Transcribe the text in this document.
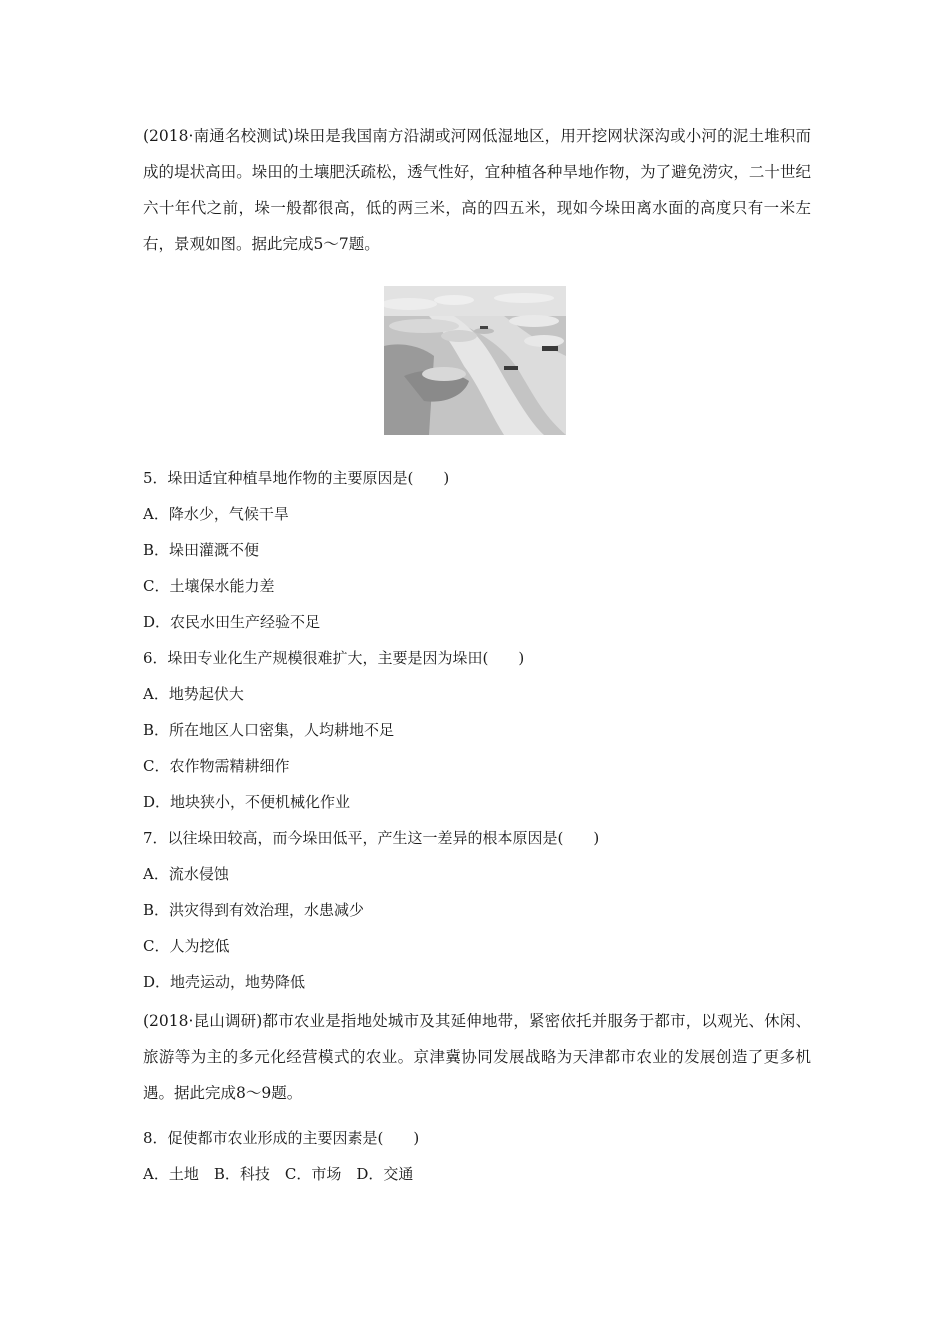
(2018·南通名校测试)垛田是我国南方沿湖或河网低湿地区，用开挖网状深沟或小河的泥土堆积而成的堤状高田。垛田的土壤肥沃疏松，透气性好，宜种植各种旱地作物，为了避免涝灾，二十世纪六十年代之前，垛一般都很高，低的两三米，高的四五米，现如今垛田离水面的高度只有一米左右，景观如图。据此完成5～7题。

5．垛田适宜种植旱地作物的主要原因是(　　)

A．降水少，气候干旱

B．垛田灌溉不便

C．土壤保水能力差

D．农民水田生产经验不足

6．垛田专业化生产规模很难扩大，主要是因为垛田(　　)

A．地势起伏大

B．所在地区人口密集，人均耕地不足

C．农作物需精耕细作

D．地块狭小，不便机械化作业

7．以往垛田较高，而今垛田低平，产生这一差异的根本原因是(　　)

A．流水侵蚀

B．洪灾得到有效治理，水患减少

C．人为挖低

D．地壳运动，地势降低

(2018·昆山调研)都市农业是指地处城市及其延伸地带，紧密依托并服务于都市，以观光、休闲、旅游等为主的多元化经营模式的农业。京津冀协同发展战略为天津都市农业的发展创造了更多机遇。据此完成8～9题。

8．促使都市农业形成的主要因素是(　　)

A．土地　B．科技　C．市场　D．交通
